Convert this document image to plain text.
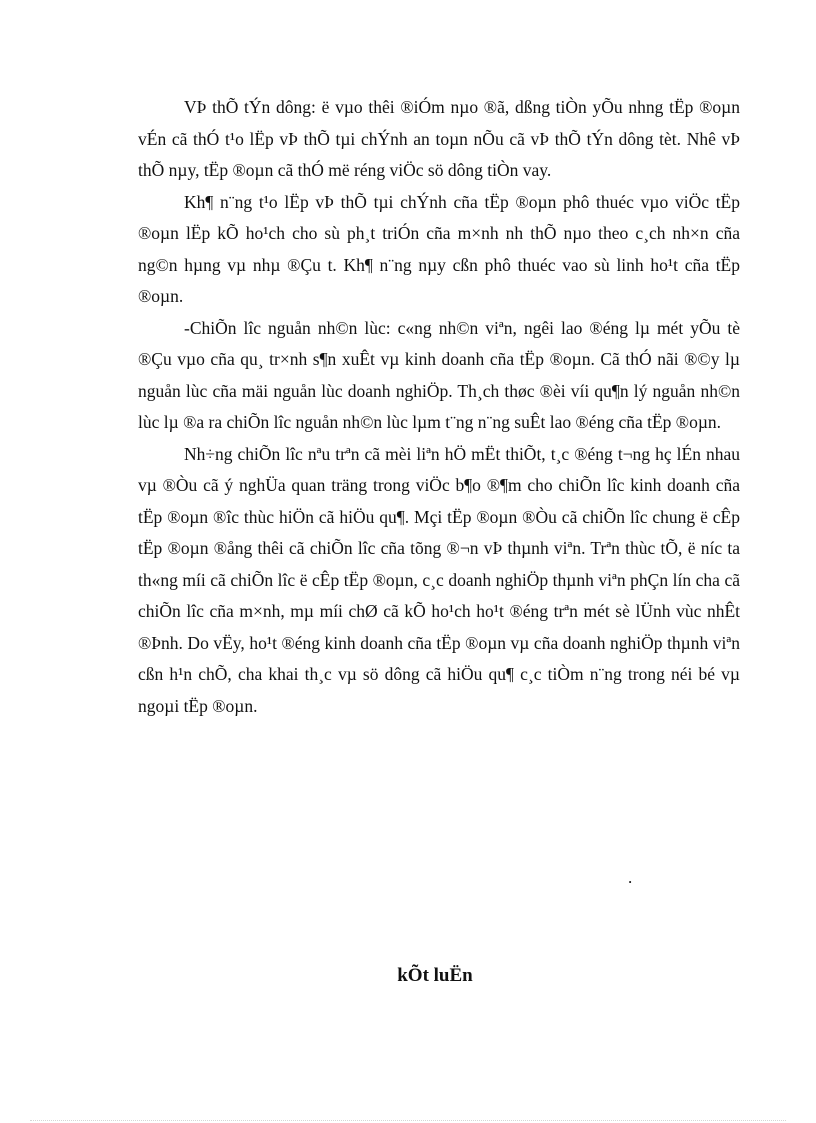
VÞ thÕ tÝn dông: ë vµo thêi ®iÓm nµo ®ã, dßng tiÒn yÕu nhng tËp ®oµn vÉn cã thÓ t¹o lËp vÞ thÕ tµi chÝnh an toµn nÕu cã vÞ thÕ tÝn dông tèt. Nhê vÞ thÕ nµy, tËp ®oµn cã thÓ më réng viÖc sö dông tiÒn vay.

Kh¶ n¨ng t¹o lËp vÞ thÕ tµi chÝnh cña tËp ®oµn phô thuéc vµo viÖc tËp ®oµn lËp kÕ ho¹ch cho sù ph¸t triÓn cña m×nh nh thÕ nµo theo c¸ch nh×n cña ng©n hµng vµ nhµ ®Çu t. Kh¶ n¨ng nµy cßn phô thuéc vao sù linh ho¹t cña tËp ®oµn.

-ChiÕn lîc nguån nh©n lùc: c«ng nh©n viªn, ngêi lao ®éng lµ mét yÕu tè ®Çu vµo cña qu¸ tr×nh s¶n xuÊt vµ kinh doanh cña tËp ®oµn. Cã thÓ nãi ®©y lµ nguån lùc cña mäi nguån lùc doanh nghiÖp. Th¸ch thøc ®èi víi qu¶n lý nguån nh©n lùc lµ ®a ra chiÕn lîc nguån nh©n lùc lµm t¨ng n¨ng suÊt lao ®éng cña tËp ®oµn.

Nh÷ng chiÕn lîc nªu trªn cã mèi liªn hÖ mËt thiÕt, t¸c ®éng t¬ng hç lÉn nhau vµ ®Òu cã ý nghÜa quan träng trong viÖc b¶o ®¶m cho chiÕn lîc kinh doanh cña tËp ®oµn ®îc thùc hiÖn cã hiÖu qu¶. Mçi tËp ®oµn ®Òu cã chiÕn lîc chung ë cÊp tËp ®oµn ®ång thêi cã chiÕn lîc cña tõng ®¬n vÞ thµnh viªn. Trªn thùc tÕ, ë níc ta th«ng míi cã chiÕn lîc ë cÊp tËp ®oµn, c¸c doanh nghiÖp thµnh viªn phÇn lín cha cã chiÕn lîc cña m×nh, mµ míi chØ cã kÕ ho¹ch ho¹t ®éng trªn mét sè lÜnh vùc nhÊt ®Þnh. Do vËy, ho¹t ®éng kinh doanh cña tËp ®oµn vµ cña doanh nghiÖp thµnh viªn cßn h¹n chÕ, cha khai th¸c vµ sö dông cã hiÖu qu¶ c¸c tiÒm n¨ng trong néi bé vµ ngoµi tËp ®oµn.

.
kÕt luËn
